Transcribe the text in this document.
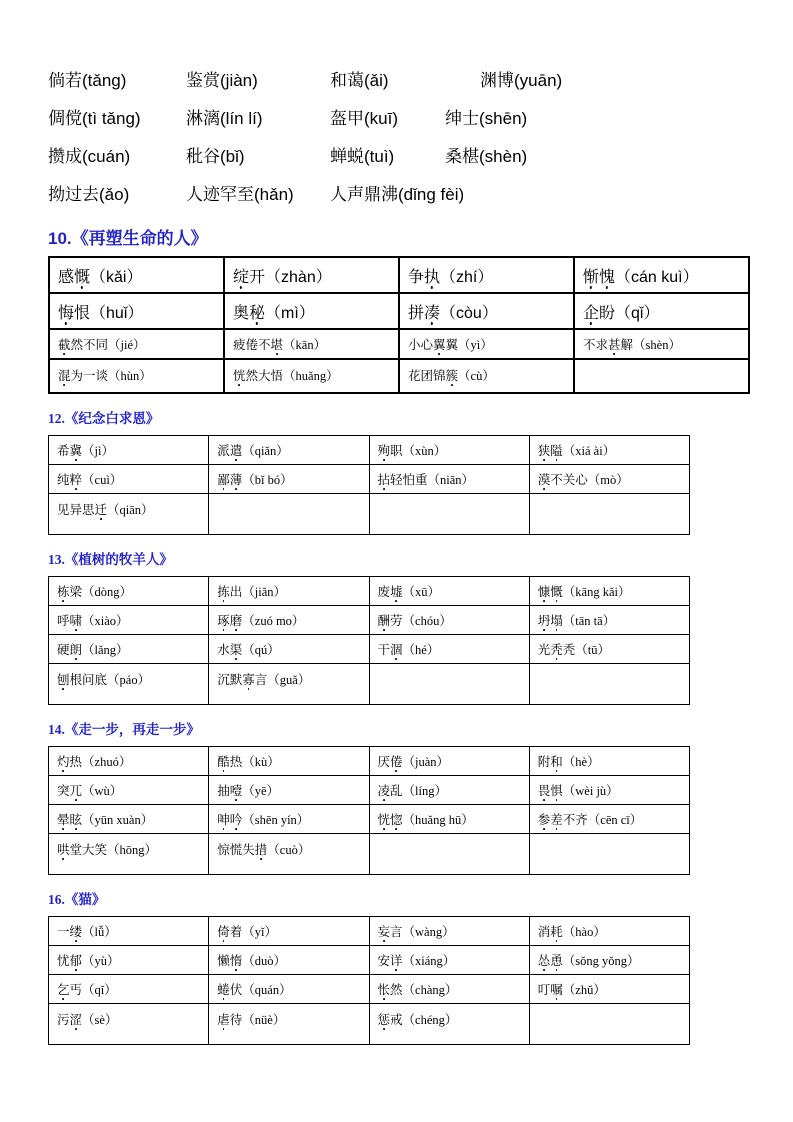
倘若(tǎng)	鉴赏(jiàn)	和蔼(ǎi)	渊博(yuān)
倜傥(tì tǎng)	淋漓(lín lí)	盔甲(kuī)	绅士(shēn)
攒成(cuán)	秕谷(bǐ)	蝉蜕(tuì)	桑椹(shèn)
拗过去(ǎo)	人迹罕至(hǎn) 人声鼎沸(dǐng fèi)
10.《再塑生命的人》
感慨（kǎi）	绽开（zhàn）	争执（zhí）	惭愧（cán kuì）
悔恨（huǐ）	奥秘（mì）	拼凑（còu）	企盼（qǐ）
截然不同（jié）	疲倦不堪（kān）	小心翼翼（yì）	不求甚解（shèn）
混为一谈（hùn）	恍然大悟（huǎng）	花团锦簇（cù）	
12.《纪念白求恩》
希冀（jì）	派遣（qiǎn）	殉职（xùn）	狭隘（xiá ài）
纯粹（cuì）	鄙薄（bǐ bó）	拈轻怕重（niān）	漠不关心（mò）
见异思迁（qiān）			
13.《植树的牧羊人》
栋梁（dòng）	拣出（jiǎn）	废墟（xū）	慷慨（kāng kǎi）
呼啸（xiào）	琢磨（zuó mo）	酬劳（chóu）	坍塌（tān tā）
硬朗（lǎng）	水渠（qú）	干涸（hé）	光秃秃（tū）
刨根问底（páo）	沉默寡言（guǎ）		
14.《走一步，再走一步》
灼热（zhuó）	酷热（kù）	厌倦（juàn）	附和（hè）
突兀（wù）	抽噎（yē）	凌乱（líng）	畏惧（wèi jù）
晕眩（yūn xuàn）	呻吟（shēn yín）	恍惚（huǎng hū）	参差不齐（cēn cī）
哄堂大笑（hōng）	惊慌失措（cuò）		
16.《猫》
一缕（lǚ）	倚着（yǐ）	妄言（wàng）	消耗（hào）
忧郁（yù）	懒惰（duò）	安详（xiáng）	怂恿（sǒng yǒng）
乞丐（qǐ）	蜷伏（quán）	怅然（chàng）	叮嘱（zhǔ）
污涩（sè）	虐待（nüè）	惩戒（chéng）	
